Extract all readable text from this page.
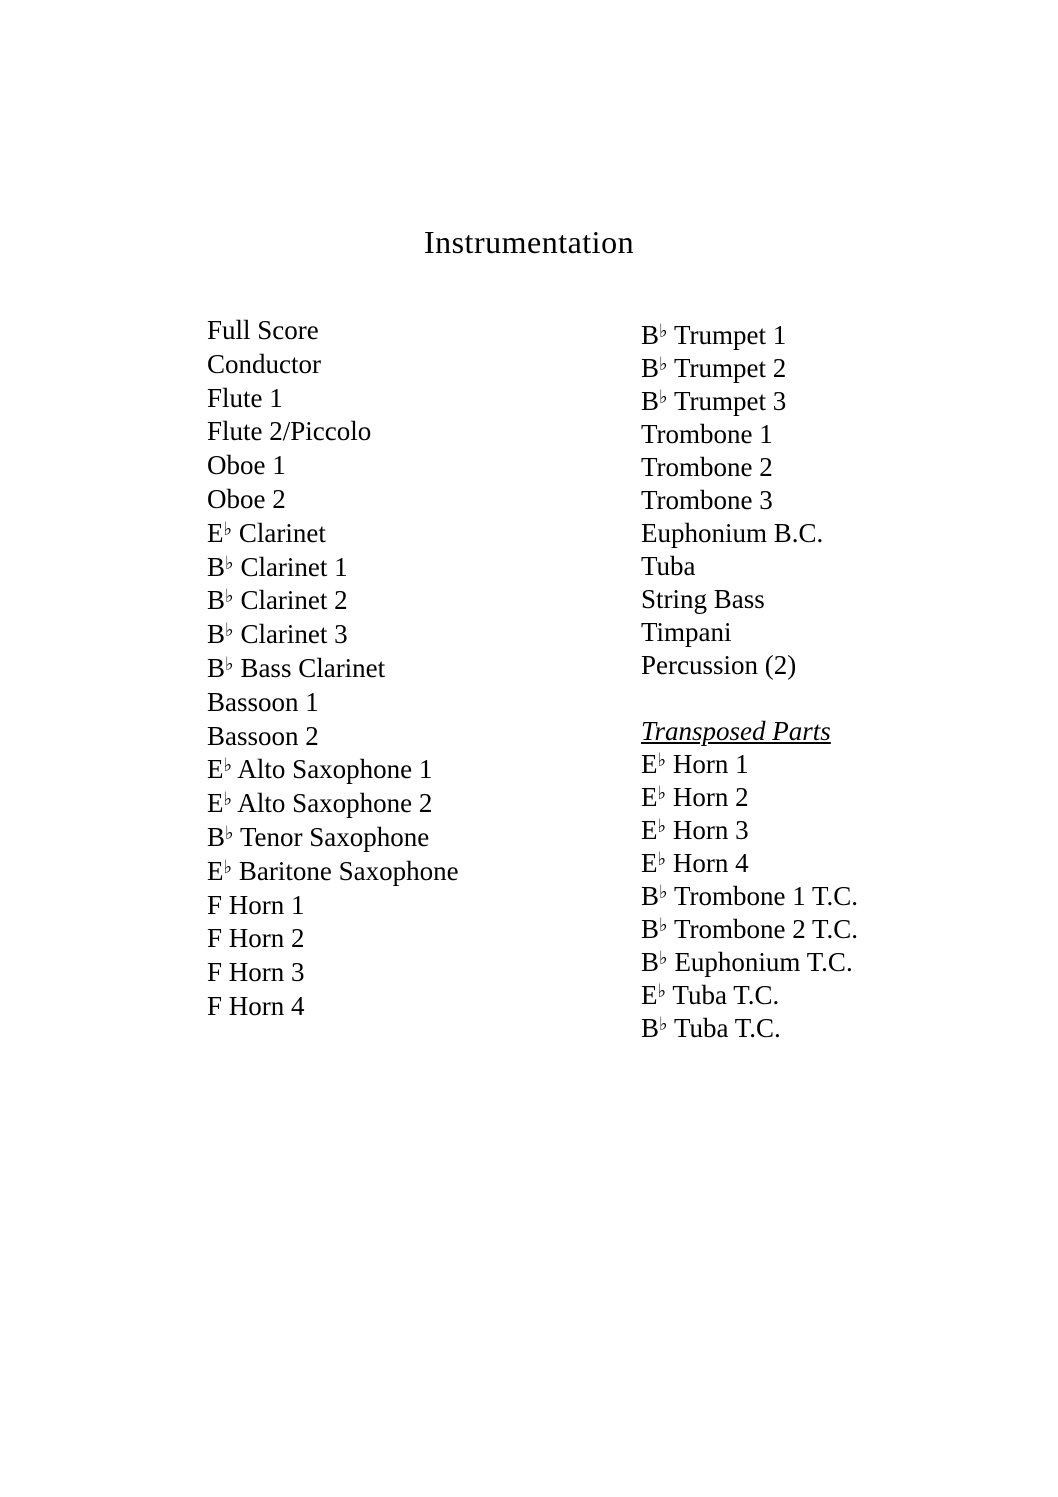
Instrumentation
Full Score
Conductor
Flute 1
Flute 2/Piccolo
Oboe 1
Oboe 2
E♭ Clarinet
B♭ Clarinet 1
B♭ Clarinet 2
B♭ Clarinet 3
B♭ Bass Clarinet
Bassoon 1
Bassoon 2
E♭ Alto Saxophone 1
E♭ Alto Saxophone 2
B♭ Tenor Saxophone
E♭ Baritone Saxophone
F Horn 1
F Horn 2
F Horn 3
F Horn 4
B♭ Trumpet 1
B♭ Trumpet 2
B♭ Trumpet 3
Trombone 1
Trombone 2
Trombone 3
Euphonium B.C.
Tuba
String Bass
Timpani
Percussion (2)
Transposed Parts
E♭ Horn 1
E♭ Horn 2
E♭ Horn 3
E♭ Horn 4
B♭ Trombone 1 T.C.
B♭ Trombone 2 T.C.
B♭ Euphonium T.C.
E♭ Tuba T.C.
B♭ Tuba T.C.
